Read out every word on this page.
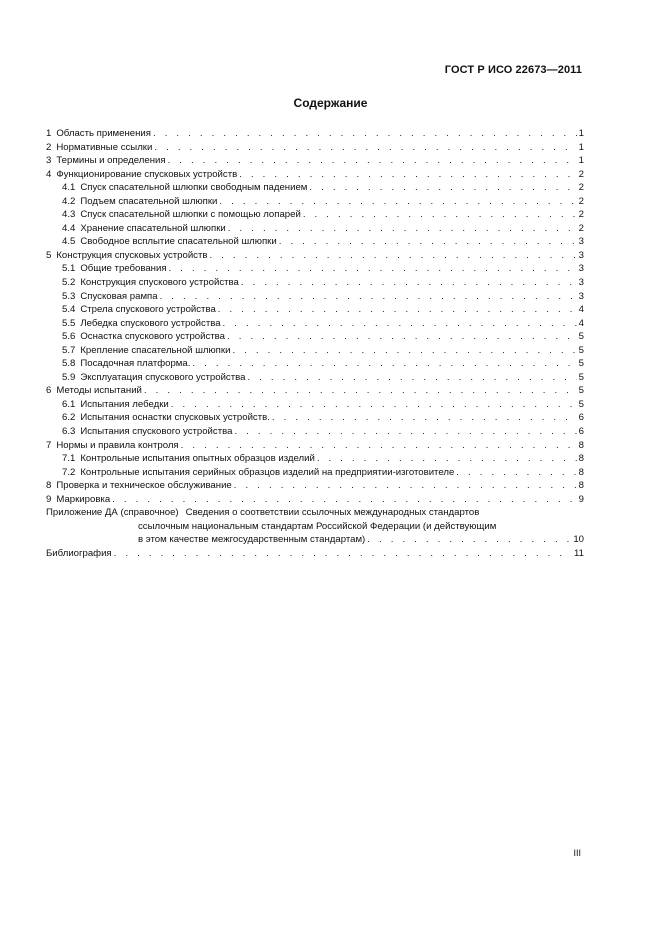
ГОСТ Р ИСО 22673—2011
Содержание
1 Область применения . . .	1
2 Нормативные ссылки . . .	1
3 Термины и определения . . .	1
4 Функционирование спусковых устройств . . .	2
4.1 Спуск спасательной шлюпки свободным падением . . .	2
4.2 Подъем спасательной шлюпки . . .	2
4.3 Спуск спасательной шлюпки с помощью лопарей . . .	2
4.4 Хранение спасательной шлюпки . . .	2
4.5 Свободное всплытие спасательной шлюпки . . .	3
5 Конструкция спусковых устройств . . .	3
5.1 Общие требования . . .	3
5.2 Конструкция спускового устройства . . .	3
5.3 Спусковая рампа . . .	3
5.4 Стрела спускового устройства . . .	4
5.5 Лебедка спускового устройства . . .	4
5.6 Оснастка спускового устройства . . .	5
5.7 Крепление спасательной шлюпки . . .	5
5.8 Посадочная платформа. . . .	5
5.9 Эксплуатация спускового устройства . . .	5
6 Методы испытаний . . .	5
6.1 Испытания лебедки . . .	5
6.2 Испытания оснастки спусковых устройств. . . .	6
6.3 Испытания спускового устройства . . .	6
7 Нормы и правила контроля . . .	8
7.1 Контрольные испытания опытных образцов изделий . . .	8
7.2 Контрольные испытания серийных образцов изделий на предприятии-изготовителе . . .	8
8 Проверка и техническое обслуживание . . .	8
9 Маркировка . . .	9
Приложение ДА (справочное) Сведения о соответствии ссылочных международных стандартов
ссылочным национальным стандартам Российской Федерации (и действующим
в этом качестве межгосударственным стандартам) . . .	10
Библиография . . .	11
III
